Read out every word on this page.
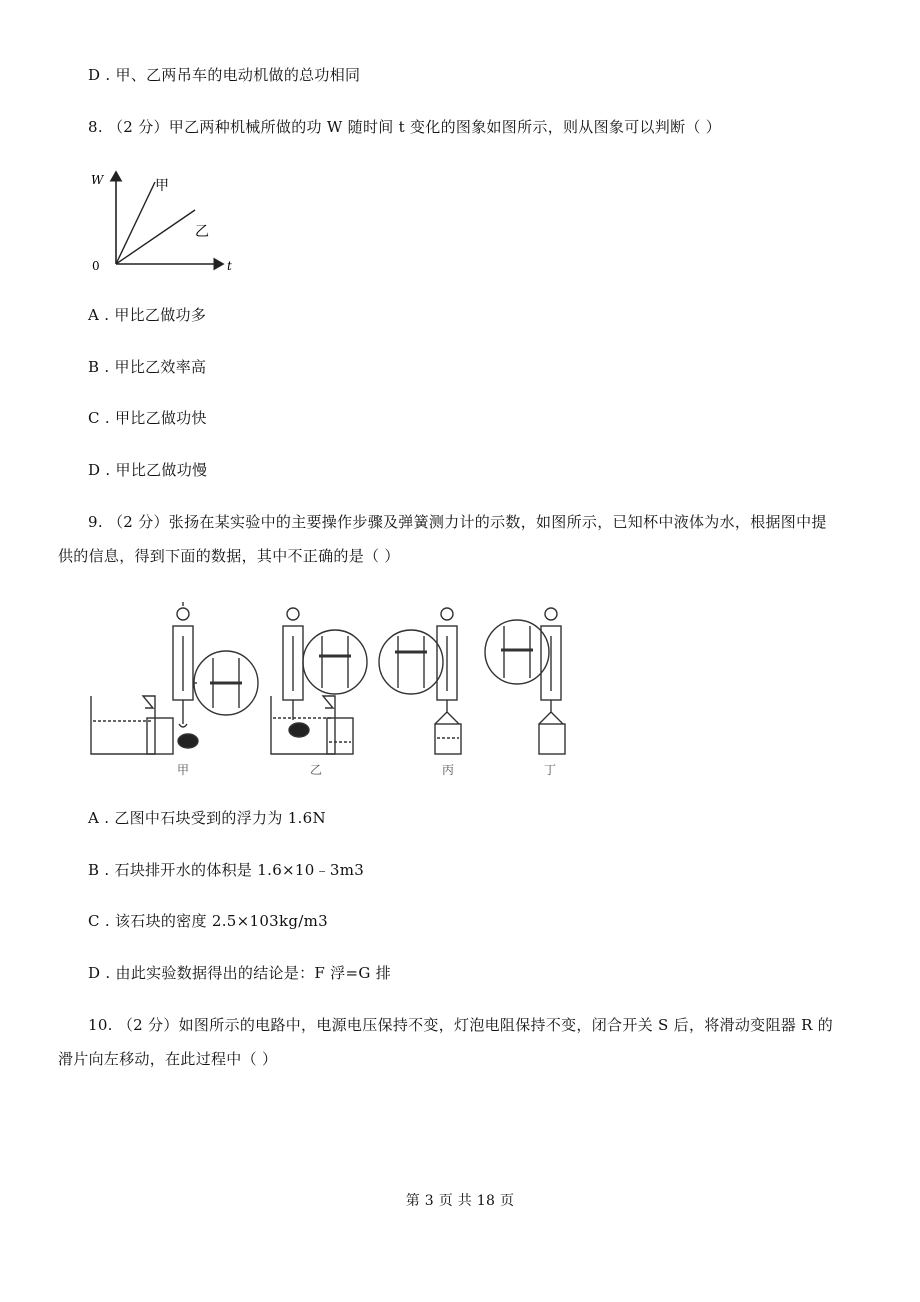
D . 甲、乙两吊车的电动机做的总功相同
8. （2 分）甲乙两种机械所做的功 W 随时间 t 变化的图象如图所示，则从图象可以判断（ ）
W
t
0
甲
乙
A . 甲比乙做功多
B . 甲比乙效率高
C . 甲比乙做功快
D . 甲比乙做功慢
9. （2 分）张扬在某实验中的主要操作步骤及弹簧测力计的示数，如图所示，已知杯中液体为水，根据图中提
供的信息，得到下面的数据，其中不正确的是（ ）
甲	乙	丙	丁
A . 乙图中石块受到的浮力为 1.6N
B . 石块排开水的体积是 1.6×10﹣3m3
C . 该石块的密度 2.5×103kg/m3
D . 由此实验数据得出的结论是：F 浮=G 排
10. （2 分）如图所示的电路中，电源电压保持不变，灯泡电阻保持不变，闭合开关 S 后，将滑动变阻器 R 的
滑片向左移动，在此过程中（ ）
第 3 页 共 18 页
